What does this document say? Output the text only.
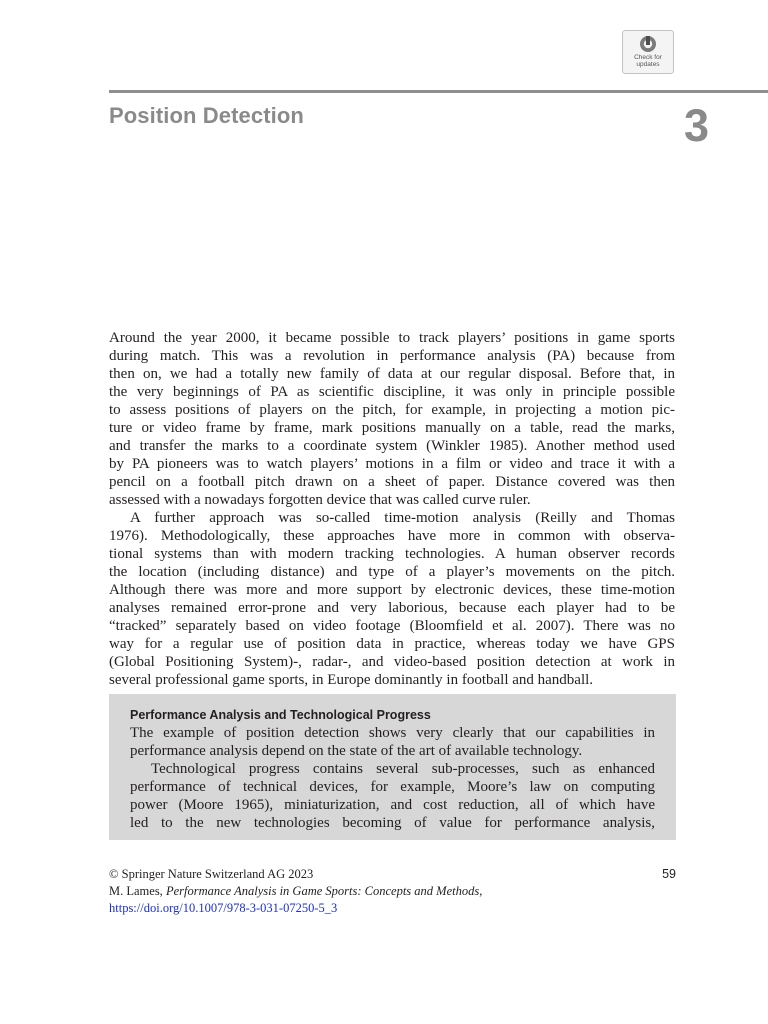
Check for
updates
Position Detection	3
Around the year 2000, it became possible to track players’ positions in game sports
during match. This was a revolution in performance analysis (PA) because from
then on, we had a totally new family of data at our regular disposal. Before that, in
the very beginnings of PA as scientific discipline, it was only in principle possible
to assess positions of players on the pitch, for example, in projecting a motion pic-
ture or video frame by frame, mark positions manually on a table, read the marks,
and transfer the marks to a coordinate system (Winkler 1985). Another method used
by PA pioneers was to watch players’ motions in a film or video and trace it with a
pencil on a football pitch drawn on a sheet of paper. Distance covered was then
assessed with a nowadays forgotten device that was called curve ruler.
A further approach was so-called time-motion analysis (Reilly and Thomas
1976). Methodologically, these approaches have more in common with observa-
tional systems than with modern tracking technologies. A human observer records
the location (including distance) and type of a player’s movements on the pitch.
Although there was more and more support by electronic devices, these time-motion
analyses remained error-prone and very laborious, because each player had to be
“tracked” separately based on video footage (Bloomfield et al. 2007). There was no
way for a regular use of position data in practice, whereas today we have GPS
(Global Positioning System)-, radar-, and video-based position detection at work in
several professional game sports, in Europe dominantly in football and handball.

Performance Analysis and Technological Progress

The example of position detection shows very clearly that our capabilities in
performance analysis depend on the state of the art of available technology.
Technological progress contains several sub-processes, such as enhanced
performance of technical devices, for example, Moore’s law on computing
power (Moore 1965), miniaturization, and cost reduction, all of which have
led to the new technologies becoming of value for performance analysis,
© Springer Nature Switzerland AG 2023
M. Lames, Performance Analysis in Game Sports: Concepts and Methods,
https://doi.org/10.1007/978-3-031-07250-5_3
59
